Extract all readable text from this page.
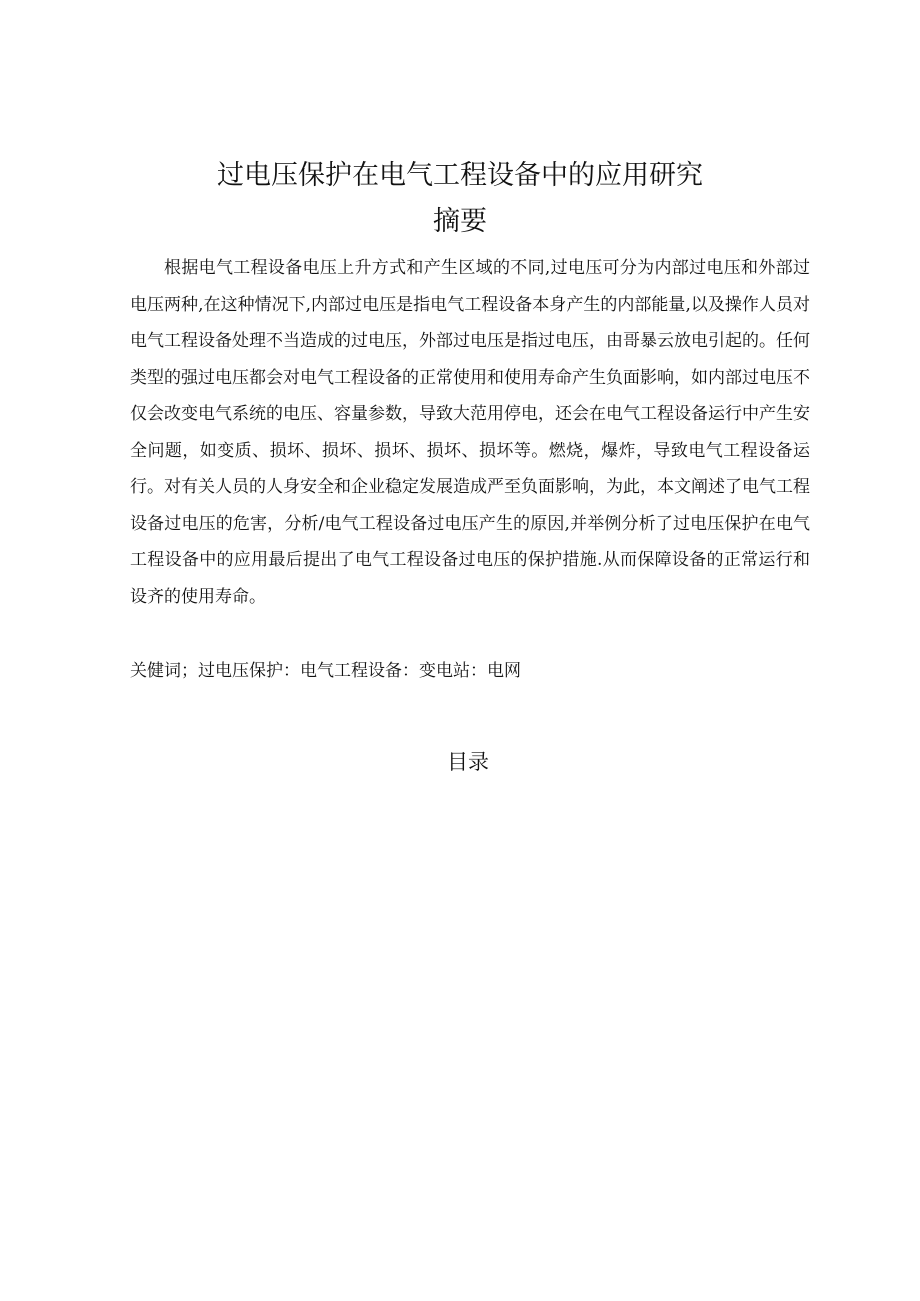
过电压保护在电气工程设备中的应用研究
摘要

根据电气工程设备电压上升方式和产生区域的不同,过电压可分为内部过电压和外部过电压两种,在这种情况下,内部过电压是指电气工程设备本身产生的内部能量,以及操作人员对电气工程设备处理不当造成的过电压，外部过电压是指过电压，由哥暴云放电引起的。任何类型的强过电压都会对电气工程设备的正常使用和使用寿命产生负面影响，如内部过电压不仅会改变电气系统的电压、容量参数，导致大范用停电，还会在电气工程设备运行中产生安全问题，如变质、损坏、损坏、损坏、损坏、损坏等。燃烧，爆炸，导致电气工程设备运行。对有关人员的人身安全和企业稳定发展造成严至负面影响，为此，本文阐述了电气工程设备过电压的危害，分析/电气工程设备过电压产生的原因,并举例分析了过电压保护在电气工程设备中的应用最后提出了电气工程设备过电压的保护措施.从而保障设备的正常运行和设齐的使用寿命。

关健词；过电压保护：电气工程设备：变电站：电网

目录
